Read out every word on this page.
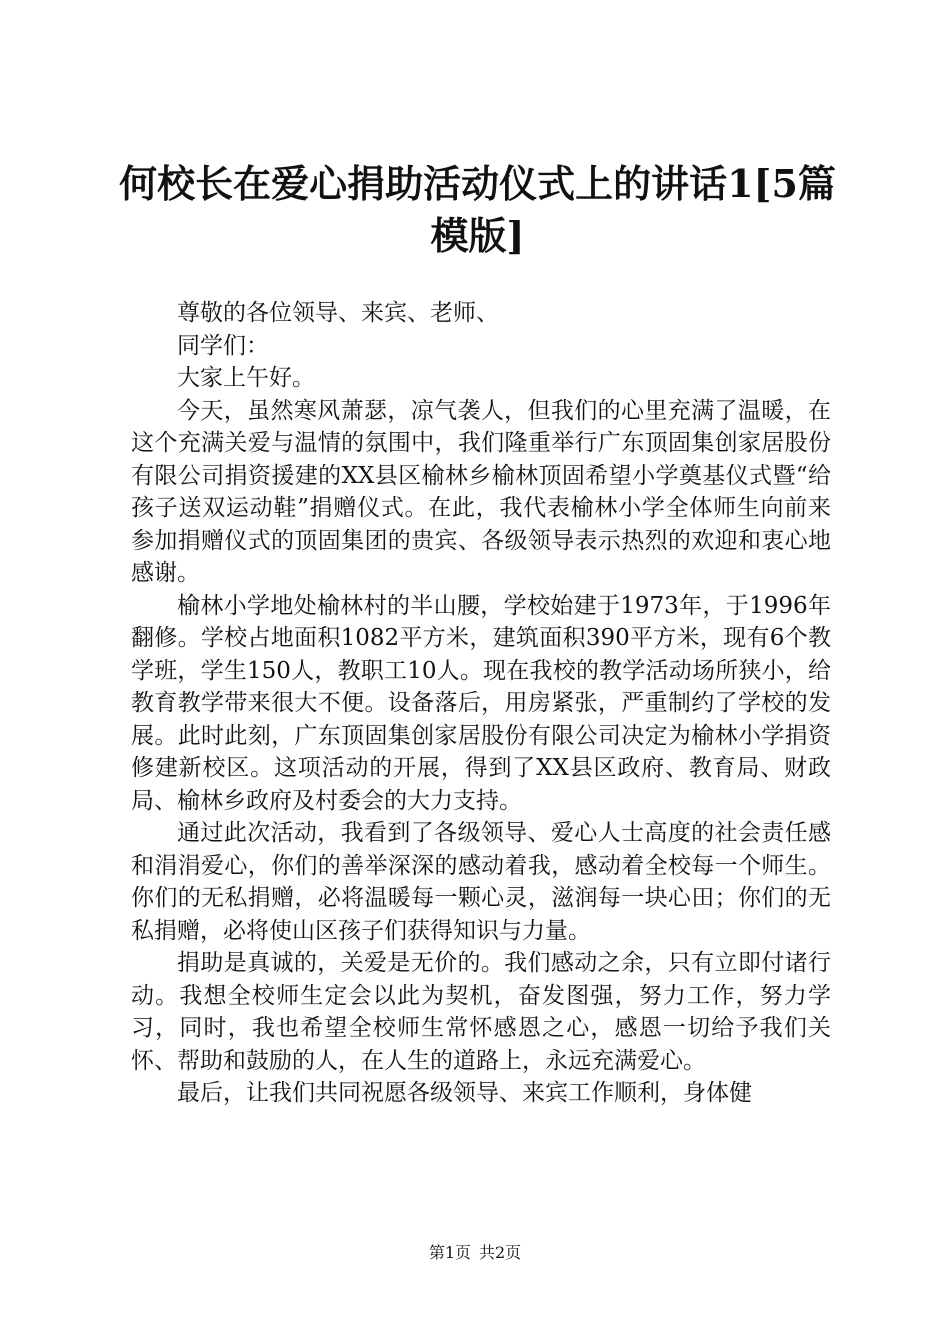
何校长在爱心捐助活动仪式上的讲话1[5篇模版]

尊敬的各位领导、来宾、老师、

同学们：

大家上午好。

今天，虽然寒风萧瑟，凉气袭人，但我们的心里充满了温暖，在这个充满关爱与温情的氛围中，我们隆重举行广东顶固集创家居股份有限公司捐资援建的XX县区榆林乡榆林顶固希望小学奠基仪式暨“给孩子送双运动鞋”捐赠仪式。在此，我代表榆林小学全体师生向前来参加捐赠仪式的顶固集团的贵宾、各级领导表示热烈的欢迎和衷心地感谢。

榆林小学地处榆林村的半山腰，学校始建于1973年，于1996年翻修。学校占地面积1082平方米，建筑面积390平方米，现有6个教学班，学生150人，教职工10人。现在我校的教学活动场所狭小，给教育教学带来很大不便。设备落后，用房紧张，严重制约了学校的发展。此时此刻，广东顶固集创家居股份有限公司决定为榆林小学捐资修建新校区。这项活动的开展，得到了XX县区政府、教育局、财政局、榆林乡政府及村委会的大力支持。

通过此次活动，我看到了各级领导、爱心人士高度的社会责任感和涓涓爱心，你们的善举深深的感动着我，感动着全校每一个师生。你们的无私捐赠，必将温暖每一颗心灵，滋润每一块心田；你们的无私捐赠，必将使山区孩子们获得知识与力量。

捐助是真诚的，关爱是无价的。我们感动之余，只有立即付诸行动。我想全校师生定会以此为契机，奋发图强，努力工作，努力学习，同时，我也希望全校师生常怀感恩之心，感恩一切给予我们关怀、帮助和鼓励的人，在人生的道路上，永远充满爱心。

最后，让我们共同祝愿各级领导、来宾工作顺利，身体健

第1页 共2页
